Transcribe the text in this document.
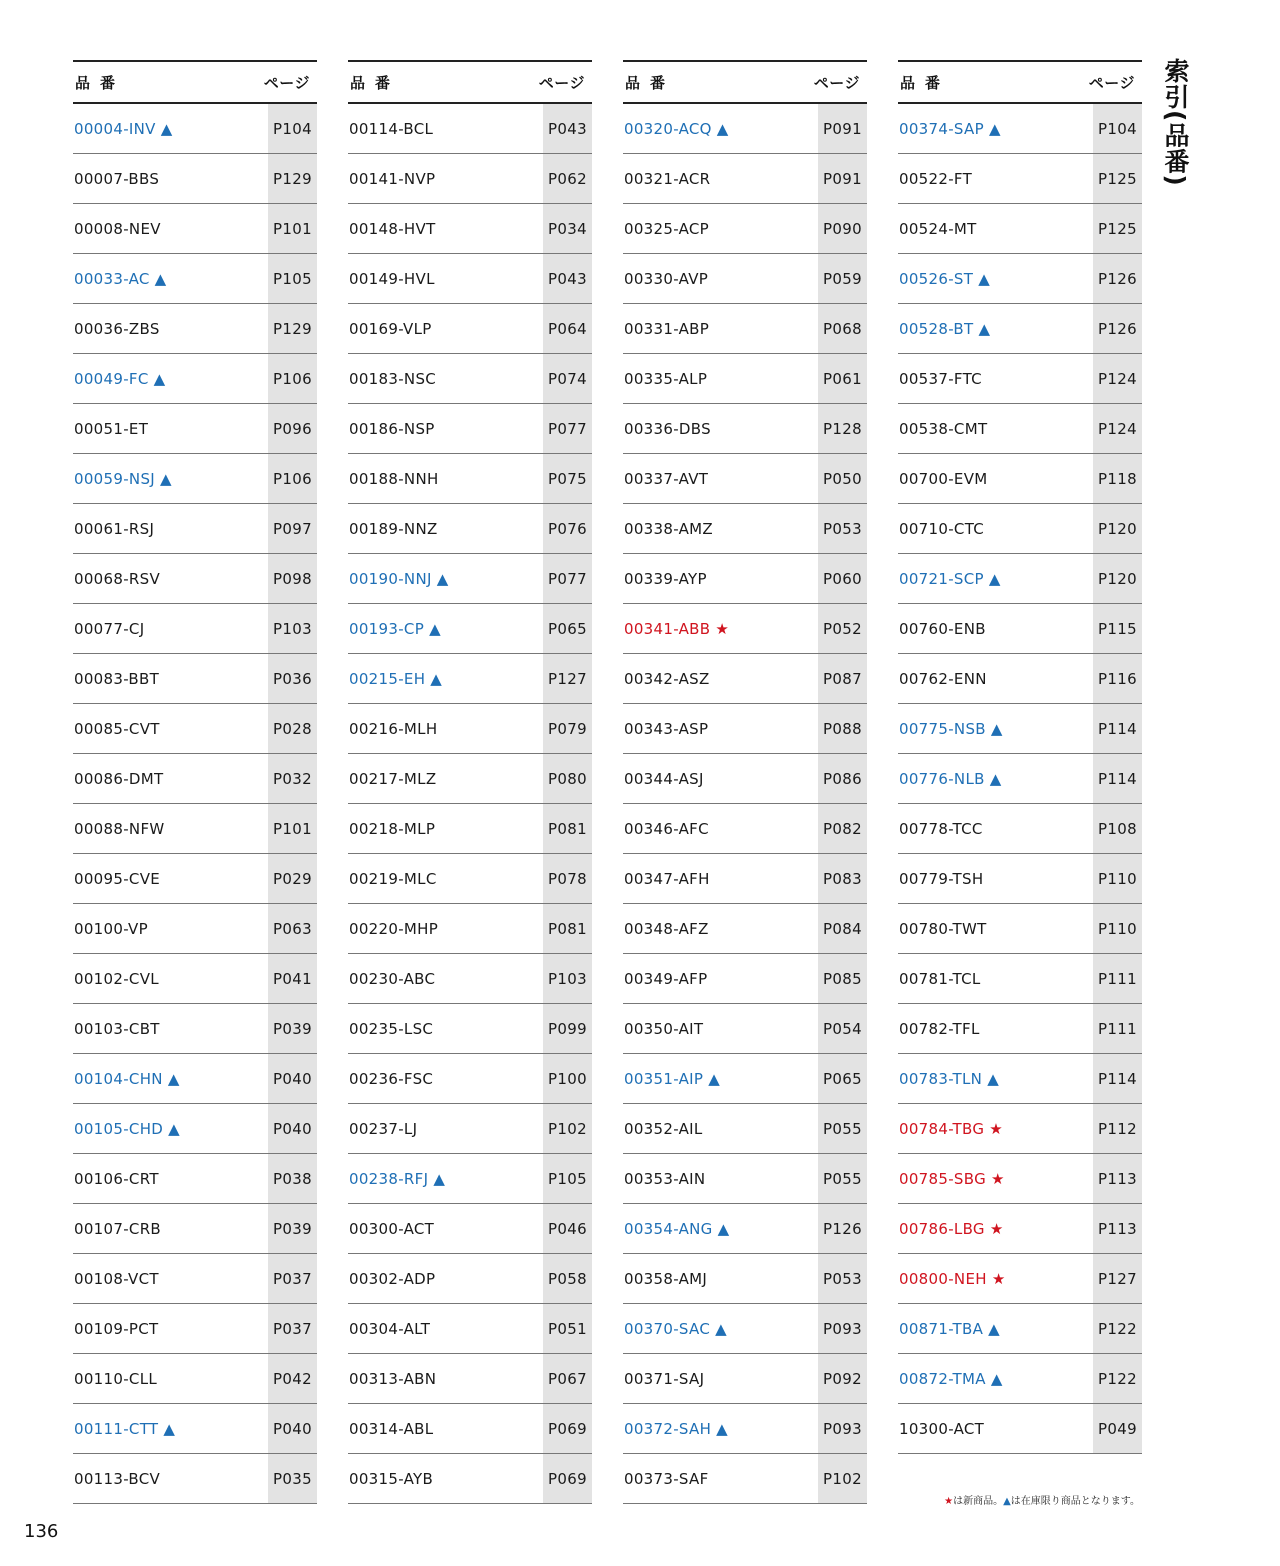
品番	ページ
00004-INV ▲	P104
00007-BBS	P129
00008-NEV	P101
00033-AC ▲	P105
00036-ZBS	P129
00049-FC ▲	P106
00051-ET	P096
00059-NSJ ▲	P106
00061-RSJ	P097
00068-RSV	P098
00077-CJ	P103
00083-BBT	P036
00085-CVT	P028
00086-DMT	P032
00088-NFW	P101
00095-CVE	P029
00100-VP	P063
00102-CVL	P041
00103-CBT	P039
00104-CHN ▲	P040
00105-CHD ▲	P040
00106-CRT	P038
00107-CRB	P039
00108-VCT	P037
00109-PCT	P037
00110-CLL	P042
00111-CTT ▲	P040
00113-BCV	P035
品番	ページ
00114-BCL	P043
00141-NVP	P062
00148-HVT	P034
00149-HVL	P043
00169-VLP	P064
00183-NSC	P074
00186-NSP	P077
00188-NNH	P075
00189-NNZ	P076
00190-NNJ ▲	P077
00193-CP ▲	P065
00215-EH ▲	P127
00216-MLH	P079
00217-MLZ	P080
00218-MLP	P081
00219-MLC	P078
00220-MHP	P081
00230-ABC	P103
00235-LSC	P099
00236-FSC	P100
00237-LJ	P102
00238-RFJ ▲	P105
00300-ACT	P046
00302-ADP	P058
00304-ALT	P051
00313-ABN	P067
00314-ABL	P069
00315-AYB	P069
品番	ページ
00320-ACQ ▲	P091
00321-ACR	P091
00325-ACP	P090
00330-AVP	P059
00331-ABP	P068
00335-ALP	P061
00336-DBS	P128
00337-AVT	P050
00338-AMZ	P053
00339-AYP	P060
00341-ABB ★	P052
00342-ASZ	P087
00343-ASP	P088
00344-ASJ	P086
00346-AFC	P082
00347-AFH	P083
00348-AFZ	P084
00349-AFP	P085
00350-AIT	P054
00351-AIP ▲	P065
00352-AIL	P055
00353-AIN	P055
00354-ANG ▲	P126
00358-AMJ	P053
00370-SAC ▲	P093
00371-SAJ	P092
00372-SAH ▲	P093
00373-SAF	P102
品番	ページ
00374-SAP ▲	P104
00522-FT	P125
00524-MT	P125
00526-ST ▲	P126
00528-BT ▲	P126
00537-FTC	P124
00538-CMT	P124
00700-EVM	P118
00710-CTC	P120
00721-SCP ▲	P120
00760-ENB	P115
00762-ENN	P116
00775-NSB ▲	P114
00776-NLB ▲	P114
00778-TCC	P108
00779-TSH	P110
00780-TWT	P110
00781-TCL	P111
00782-TFL	P111
00783-TLN ▲	P114
00784-TBG ★	P112
00785-SBG ★	P113
00786-LBG ★	P113
00800-NEH ★	P127
00871-TBA ▲	P122
00872-TMA ▲	P122
10300-ACT	P049
索引(品番)
★は新商品。▲は在庫限り商品となります。
136
